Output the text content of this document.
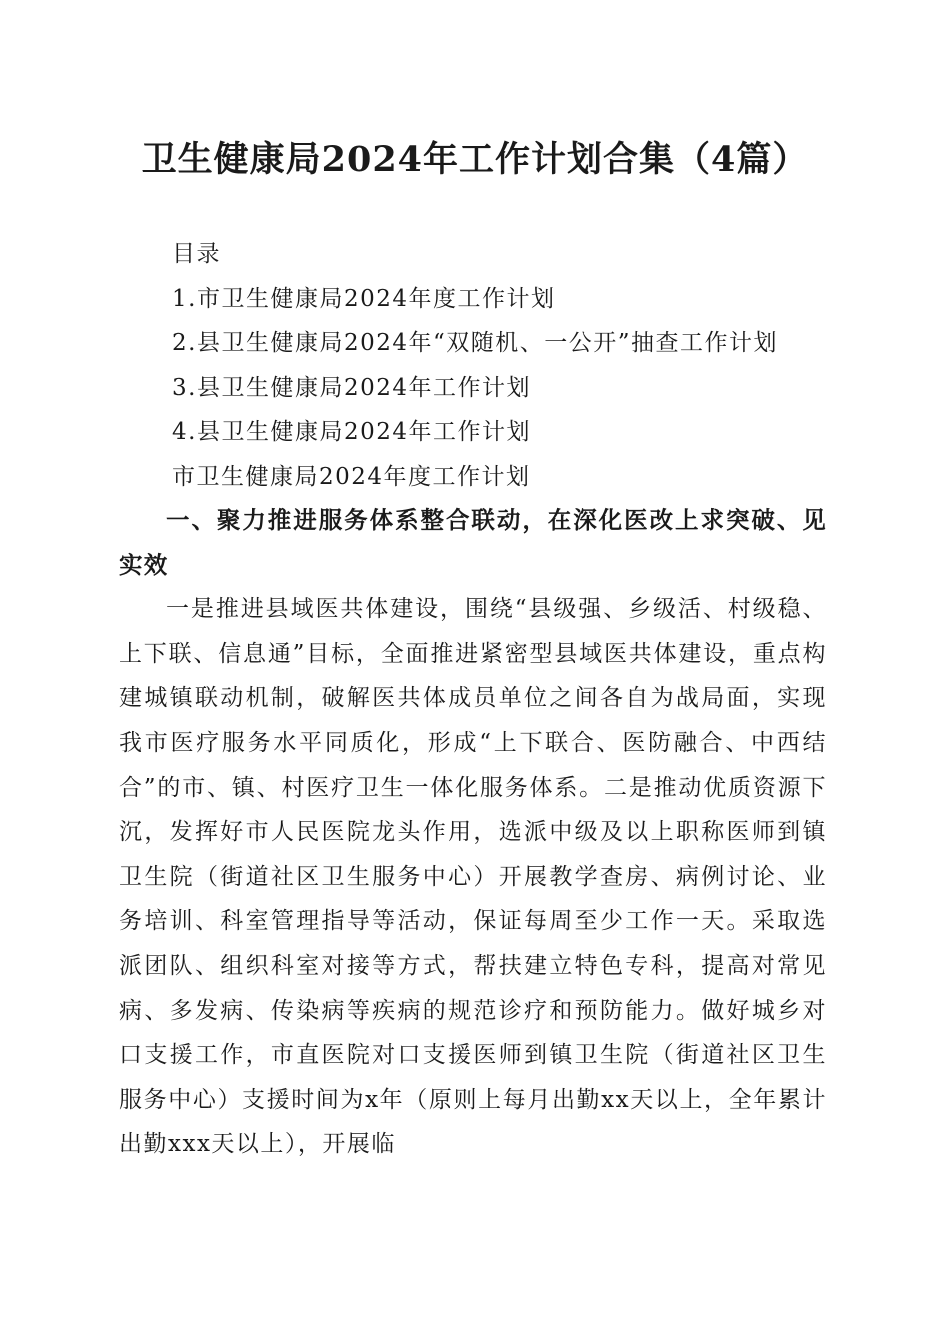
卫生健康局2024年工作计划合集（4篇）
目录
1.市卫生健康局2024年度工作计划
2.县卫生健康局2024年“双随机、一公开”抽查工作计划
3.县卫生健康局2024年工作计划
4.县卫生健康局2024年工作计划
市卫生健康局2024年度工作计划
一、聚力推进服务体系整合联动，在深化医改上求突破、见实效

一是推进县域医共体建设，围绕“县级强、乡级活、村级稳、上下联、信息通”目标，全面推进紧密型县域医共体建设，重点构建城镇联动机制，破解医共体成员单位之间各自为战局面，实现我市医疗服务水平同质化，形成“上下联合、医防融合、中西结合”的市、镇、村医疗卫生一体化服务体系。二是推动优质资源下沉，发挥好市人民医院龙头作用，选派中级及以上职称医师到镇卫生院（街道社区卫生服务中心）开展教学查房、病例讨论、业务培训、科室管理指导等活动，保证每周至少工作一天。采取选派团队、组织科室对接等方式，帮扶建立特色专科，提高对常见病、多发病、传染病等疾病的规范诊疗和预防能力。做好城乡对口支援工作，市直医院对口支援医师到镇卫生院（街道社区卫生服务中心）支援时间为x年（原则上每月出勤xx天以上，全年累计出勤xxx天以上），开展临
